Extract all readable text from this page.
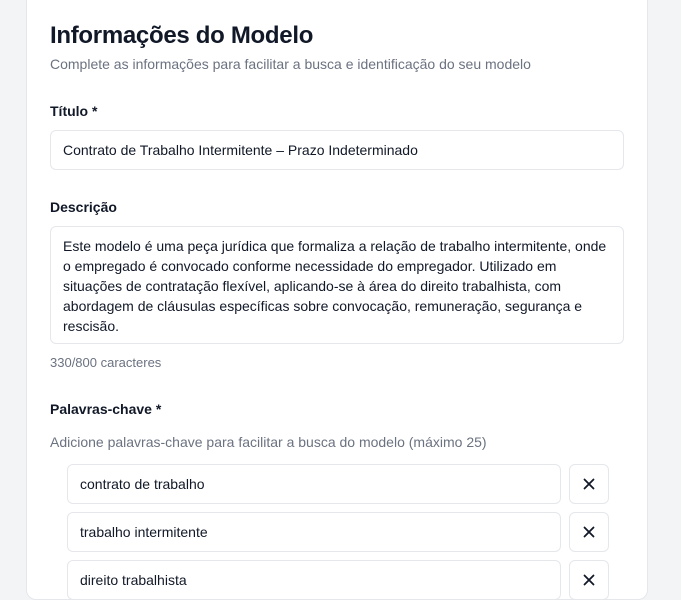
Informações do Modelo

Complete as informações para facilitar a busca e identificação do seu modelo

Título *
Contrato de Trabalho Intermitente – Prazo Indeterminado
Descrição
Este modelo é uma peça jurídica que formaliza a relação de trabalho intermitente, onde o empregado é convocado conforme necessidade do empregador. Utilizado em situações de contratação flexível, aplicando-se à área do direito trabalhista, com abordagem de cláusulas específicas sobre convocação, remuneração, segurança e rescisão.
330/800 caracteres
Palavras-chave *
Adicione palavras-chave para facilitar a busca do modelo (máximo 25)
contrato de trabalho
trabalho intermitente
direito trabalhista
